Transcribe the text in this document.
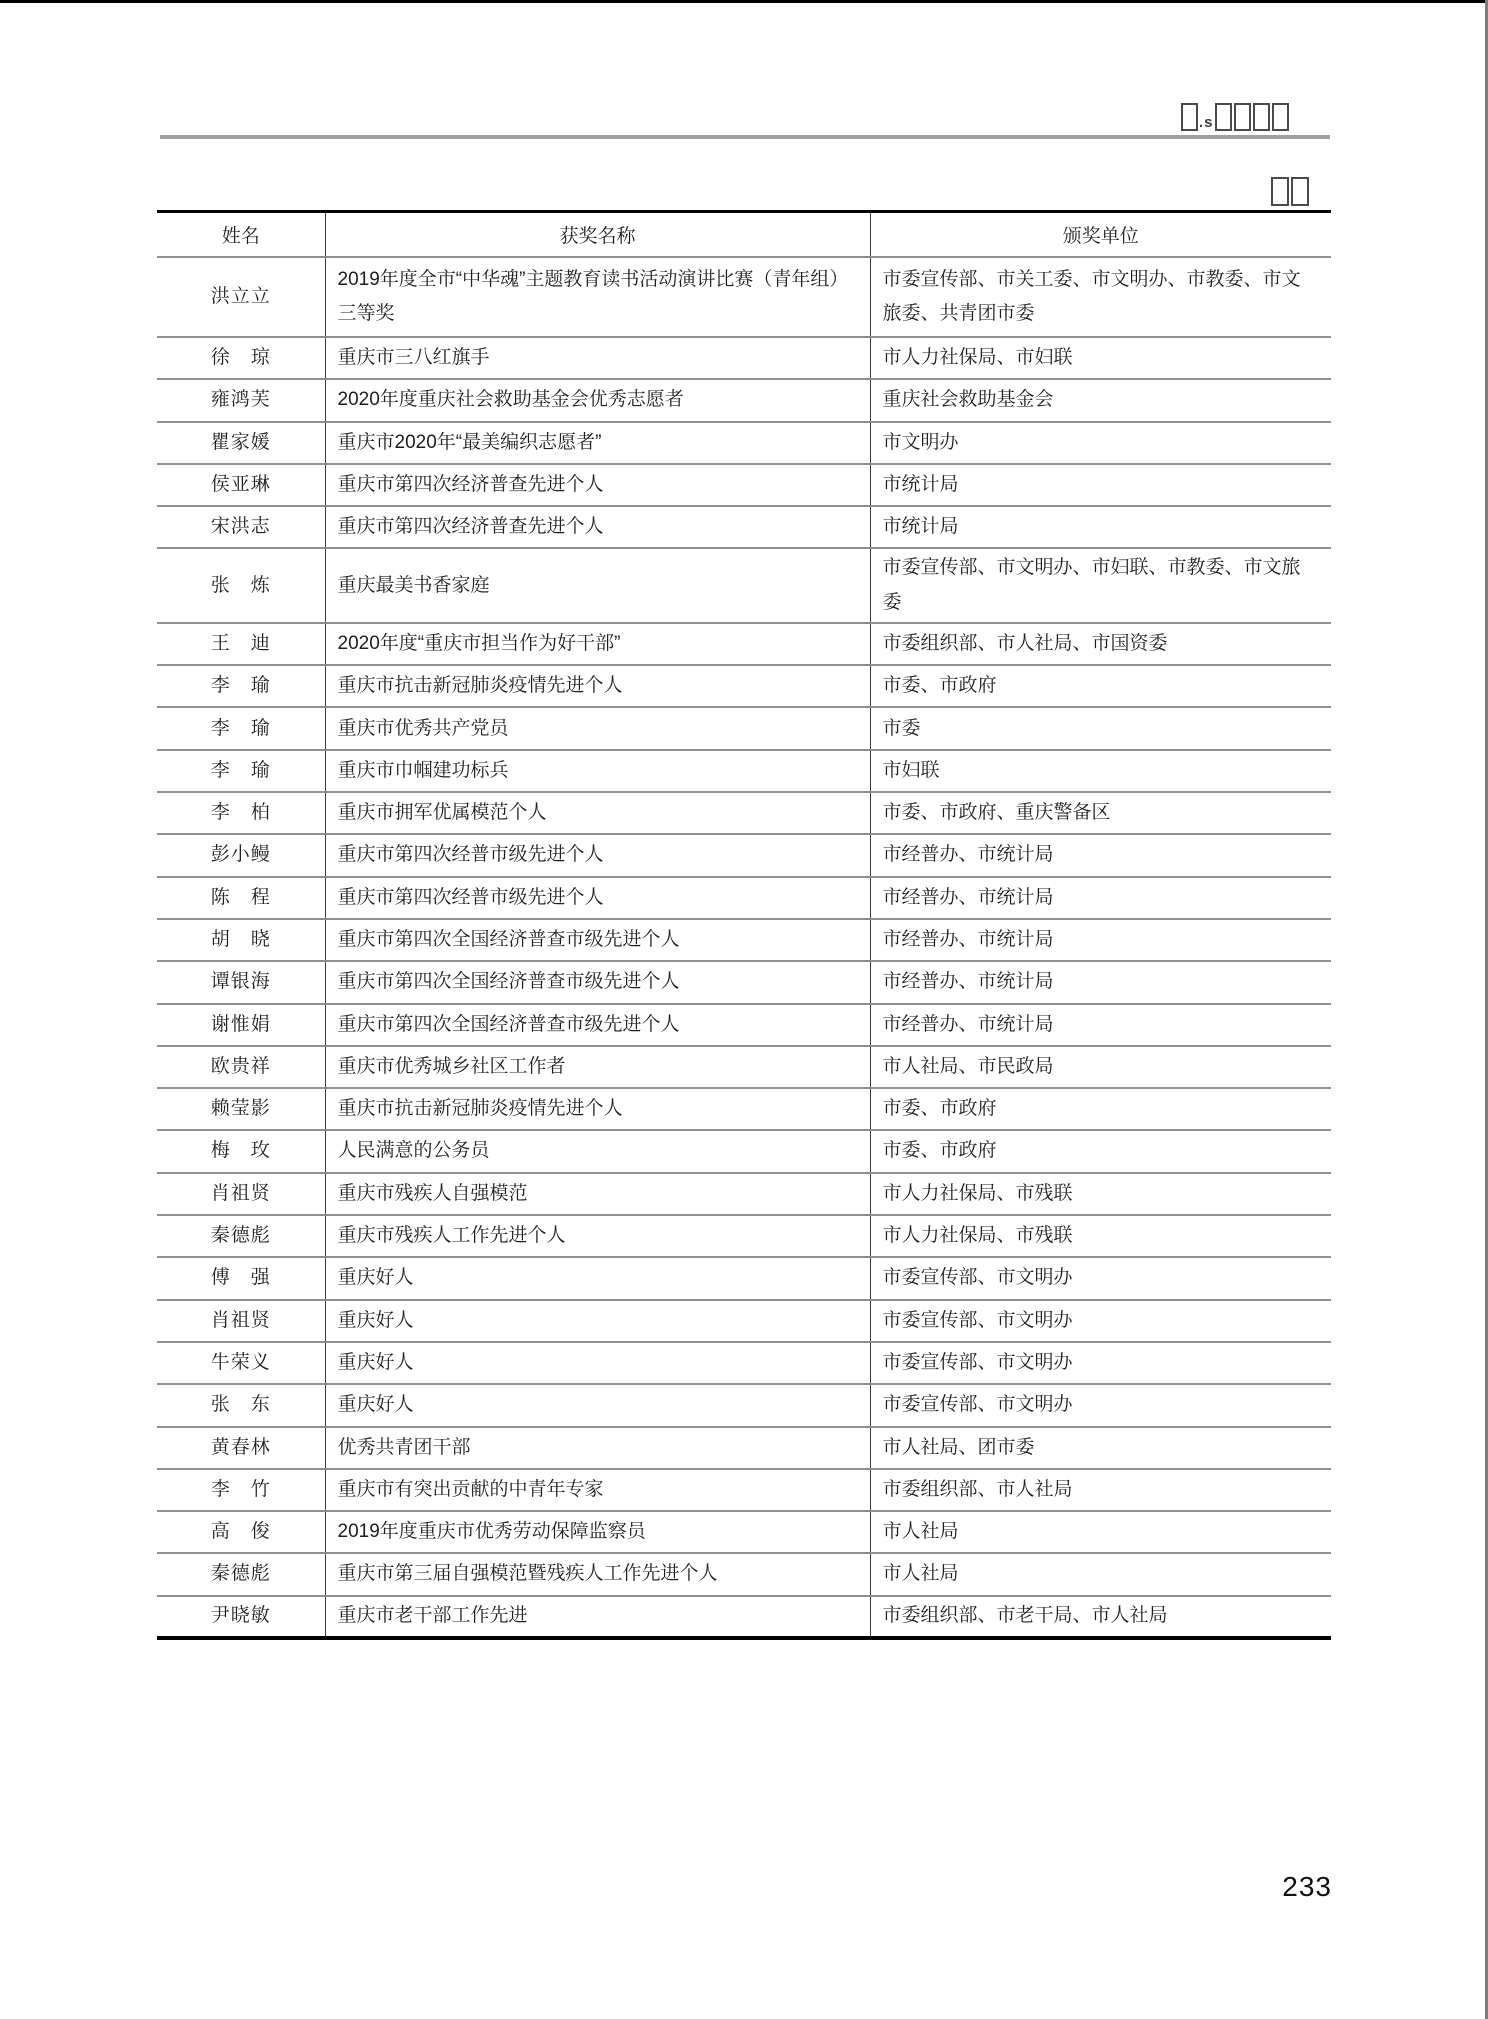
.s
姓名	获奖名称	颁奖单位
洪立立	2019年度全市“中华魂”主题教育读书活动演讲比赛（青年组）三等奖	市委宣传部、市关工委、市文明办、市教委、市文旅委、共青团市委
徐　琼	重庆市三八红旗手	市人力社保局、市妇联
雍鸿芙	2020年度重庆社会救助基金会优秀志愿者	重庆社会救助基金会
瞿家媛	重庆市2020年“最美编织志愿者”	市文明办
侯亚琳	重庆市第四次经济普查先进个人	市统计局
宋洪志	重庆市第四次经济普查先进个人	市统计局
张　炼	重庆最美书香家庭	市委宣传部、市文明办、市妇联、市教委、市文旅委
王　迪	2020年度“重庆市担当作为好干部”	市委组织部、市人社局、市国资委
李　瑜	重庆市抗击新冠肺炎疫情先进个人	市委、市政府
李　瑜	重庆市优秀共产党员	市委
李　瑜	重庆市巾帼建功标兵	市妇联
李　柏	重庆市拥军优属模范个人	市委、市政府、重庆警备区
彭小鳗	重庆市第四次经普市级先进个人	市经普办、市统计局
陈　程	重庆市第四次经普市级先进个人	市经普办、市统计局
胡　晓	重庆市第四次全国经济普查市级先进个人	市经普办、市统计局
谭银海	重庆市第四次全国经济普查市级先进个人	市经普办、市统计局
谢惟娟	重庆市第四次全国经济普查市级先进个人	市经普办、市统计局
欧贵祥	重庆市优秀城乡社区工作者	市人社局、市民政局
赖莹影	重庆市抗击新冠肺炎疫情先进个人	市委、市政府
梅　玫	人民满意的公务员	市委、市政府
肖祖贤	重庆市残疾人自强模范	市人力社保局、市残联
秦德彪	重庆市残疾人工作先进个人	市人力社保局、市残联
傅　强	重庆好人	市委宣传部、市文明办
肖祖贤	重庆好人	市委宣传部、市文明办
牛荣义	重庆好人	市委宣传部、市文明办
张　东	重庆好人	市委宣传部、市文明办
黄春林	优秀共青团干部	市人社局、团市委
李　竹	重庆市有突出贡献的中青年专家	市委组织部、市人社局
高　俊	2019年度重庆市优秀劳动保障监察员	市人社局
秦德彪	重庆市第三届自强模范暨残疾人工作先进个人	市人社局
尹晓敏	重庆市老干部工作先进	市委组织部、市老干局、市人社局
233
